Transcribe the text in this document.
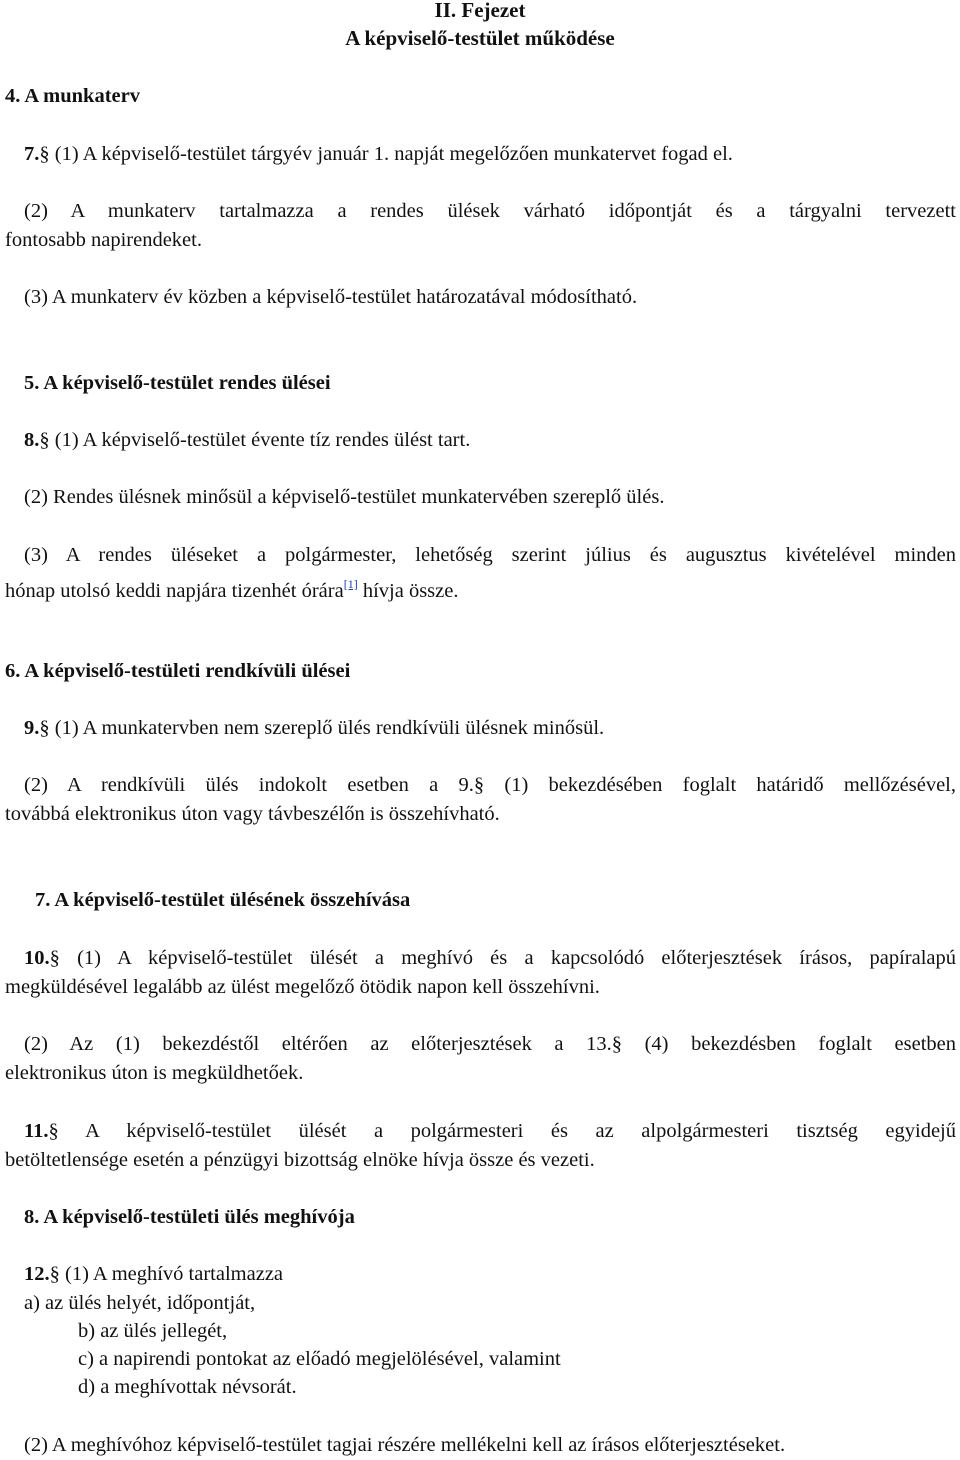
II. Fejezet
A képviselő-testület működése
4. A munkaterv
7.§ (1) A képviselő-testület tárgyév január 1. napját megelőzően munkatervet fogad el.
(2) A munkaterv tartalmazza a rendes ülések várható időpontját és a tárgyalni tervezett
fontosabb napirendeket.
(3) A munkaterv év közben a képviselő-testület határozatával módosítható.
5. A képviselő-testület rendes ülései
8.§ (1) A képviselő-testület évente tíz rendes ülést tart.
(2) Rendes ülésnek minősül a képviselő-testület munkatervében szereplő ülés.
(3) A rendes üléseket a polgármester, lehetőség szerint július és augusztus kivételével minden
hónap utolsó keddi napjára tizenhét órára[1] hívja össze.
6. A képviselő-testületi rendkívüli ülései
9.§ (1) A munkatervben nem szereplő ülés rendkívüli ülésnek minősül.
(2) A rendkívüli ülés indokolt esetben a 9.§ (1) bekezdésében foglalt határidő mellőzésével,
továbbá elektronikus úton vagy távbeszélőn is összehívható.
7. A képviselő-testület ülésének összehívása
10.§ (1) A képviselő-testület ülését a meghívó és a kapcsolódó előterjesztések írásos, papíralapú
megküldésével legalább az ülést megelőző ötödik napon kell összehívni.
(2) Az (1) bekezdéstől eltérően az előterjesztések a 13.§ (4) bekezdésben foglalt esetben
elektronikus úton is megküldhetőek.
11.§ A képviselő-testület ülését a polgármesteri és az alpolgármesteri tisztség egyidejű
betöltetlensége esetén a pénzügyi bizottság elnöke hívja össze és vezeti.
8. A képviselő-testületi ülés meghívója
12.§ (1) A meghívó tartalmazza
a) az ülés helyét, időpontját,
b) az ülés jellegét,
c) a napirendi pontokat az előadó megjelölésével, valamint
d) a meghívottak névsorát.
(2) A meghívóhoz képviselő-testület tagjai részére mellékelni kell az írásos előterjesztéseket.
